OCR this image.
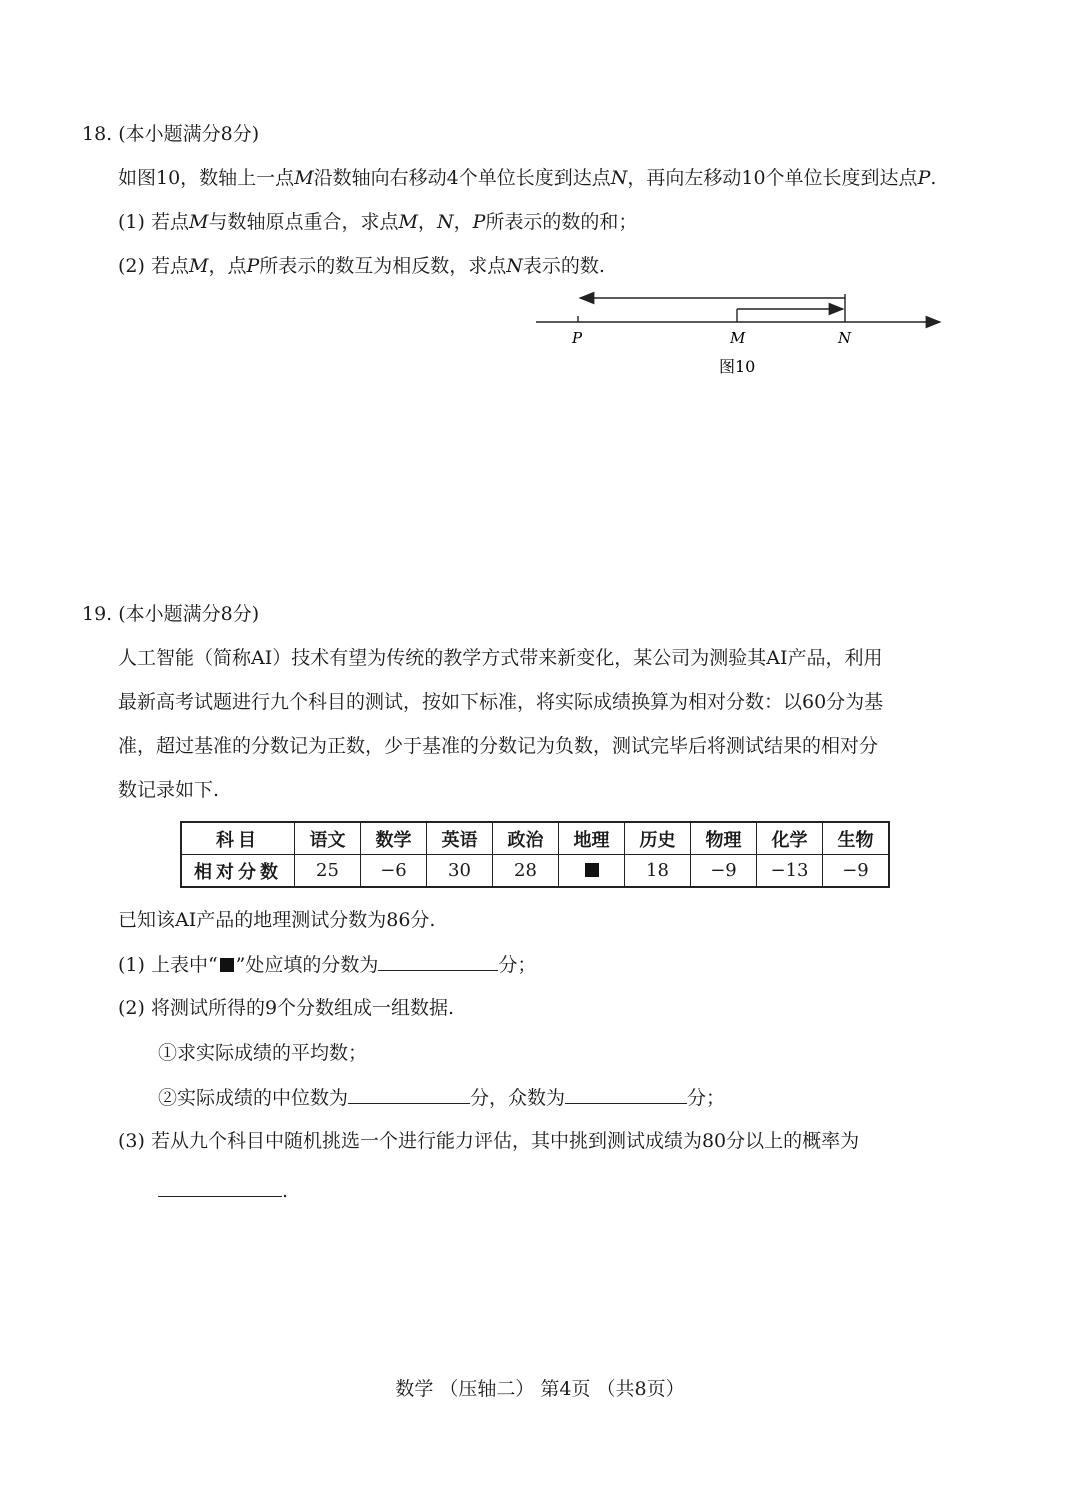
18. (本小题满分8分)
如图10，数轴上一点M沿数轴向右移动4个单位长度到达点N，再向左移动10个单位长度到达点P.
(1) 若点M与数轴原点重合，求点M，N，P所表示的数的和；
(2) 若点M，点P所表示的数互为相反数，求点N表示的数.
P	M	N
图10
19. (本小题满分8分)
人工智能（简称AI）技术有望为传统的教学方式带来新变化，某公司为测验其AI产品，利用
最新高考试题进行九个科目的测试，按如下标准，将实际成绩换算为相对分数：以60分为基
准，超过基准的分数记为正数，少于基准的分数记为负数，测试完毕后将测试结果的相对分
数记录如下.
科目	语文	数学	英语	政治	地理	历史	物理	化学	生物
相对分数	25	−6	30	28		18	−9	−13	−9
已知该AI产品的地理测试分数为86分.
(1) 上表中“ ”处应填的分数为	分；
(2) 将测试所得的9个分数组成一组数据.
①求实际成绩的平均数；
②实际成绩的中位数为	分，众数为	分；
(3) 若从九个科目中随机挑选一个进行能力评估，其中挑到测试成绩为80分以上的概率为
.
数学 （压轴二） 第4页 （共8页）
